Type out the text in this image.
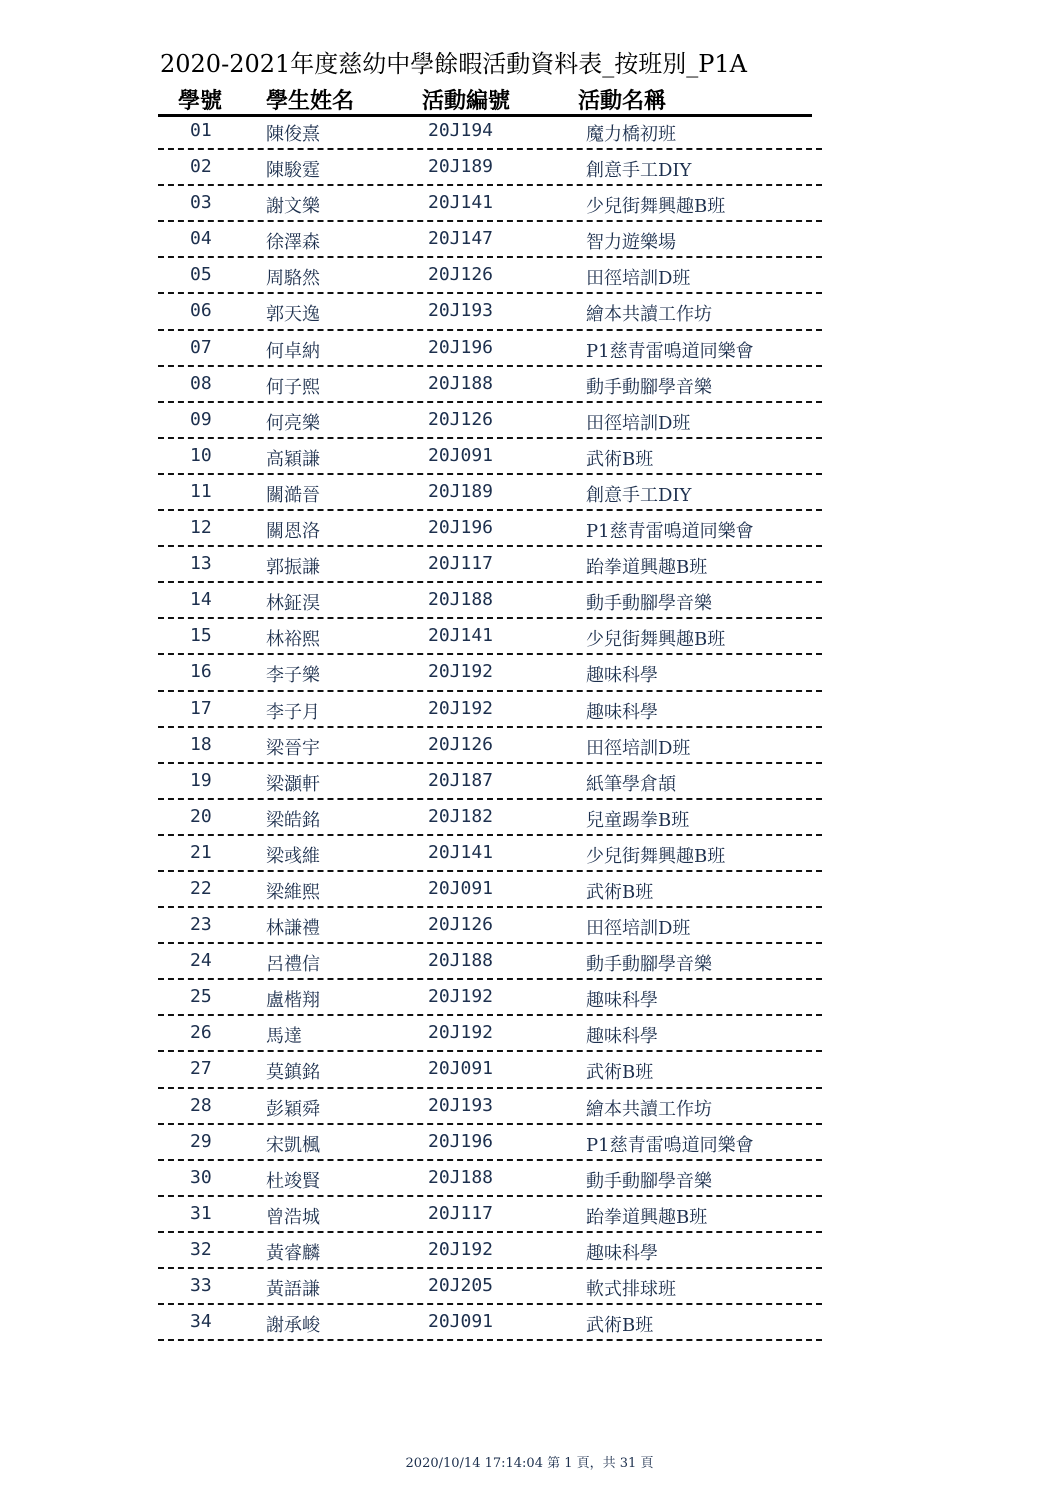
2020-2021年度慈幼中學餘暇活動資料表_按班別_P1A
學號 學生姓名	活動編號	活動名稱
01	陳俊熹	20J194	魔力橋初班
02	陳駿霆	20J189	創意手工DIY
03	謝文樂	20J141	少兒街舞興趣B班
04	徐澤森	20J147	智力遊樂場
05	周駱然	20J126	田徑培訓D班
06	郭天逸	20J193	繪本共讀工作坊
07	何卓納	20J196	P1慈青雷鳴道同樂會
08	何子熙	20J188	動手動腳學音樂
09	何亮樂	20J126	田徑培訓D班
10	高穎謙	20J091	武術B班
11	關澔晉	20J189	創意手工DIY
12	關恩洛	20J196	P1慈青雷鳴道同樂會
13	郭振謙	20J117	跆拳道興趣B班
14	林鉦淏	20J188	動手動腳學音樂
15	林裕熙	20J141	少兒街舞興趣B班
16	李子樂	20J192	趣味科學
17	李子月	20J192	趣味科學
18	梁晉宇	20J126	田徑培訓D班
19	梁灝軒	20J187	紙筆學倉頡
20	梁皓銘	20J182	兒童踢拳B班
21	梁彧維	20J141	少兒街舞興趣B班
22	梁維熙	20J091	武術B班
23	林謙禮	20J126	田徑培訓D班
24	呂禮信	20J188	動手動腳學音樂
25	盧楷翔	20J192	趣味科學
26	馬達	20J192	趣味科學
27	莫鎮銘	20J091	武術B班
28	彭穎舜	20J193	繪本共讀工作坊
29	宋凱楓	20J196	P1慈青雷鳴道同樂會
30	杜竣賢	20J188	動手動腳學音樂
31	曾浩城	20J117	跆拳道興趣B班
32	黃睿麟	20J192	趣味科學
33	黃語謙	20J205	軟式排球班
34	謝承峻	20J091	武術B班
2020/10/14 17:14:04 第 1 頁，共 31 頁
